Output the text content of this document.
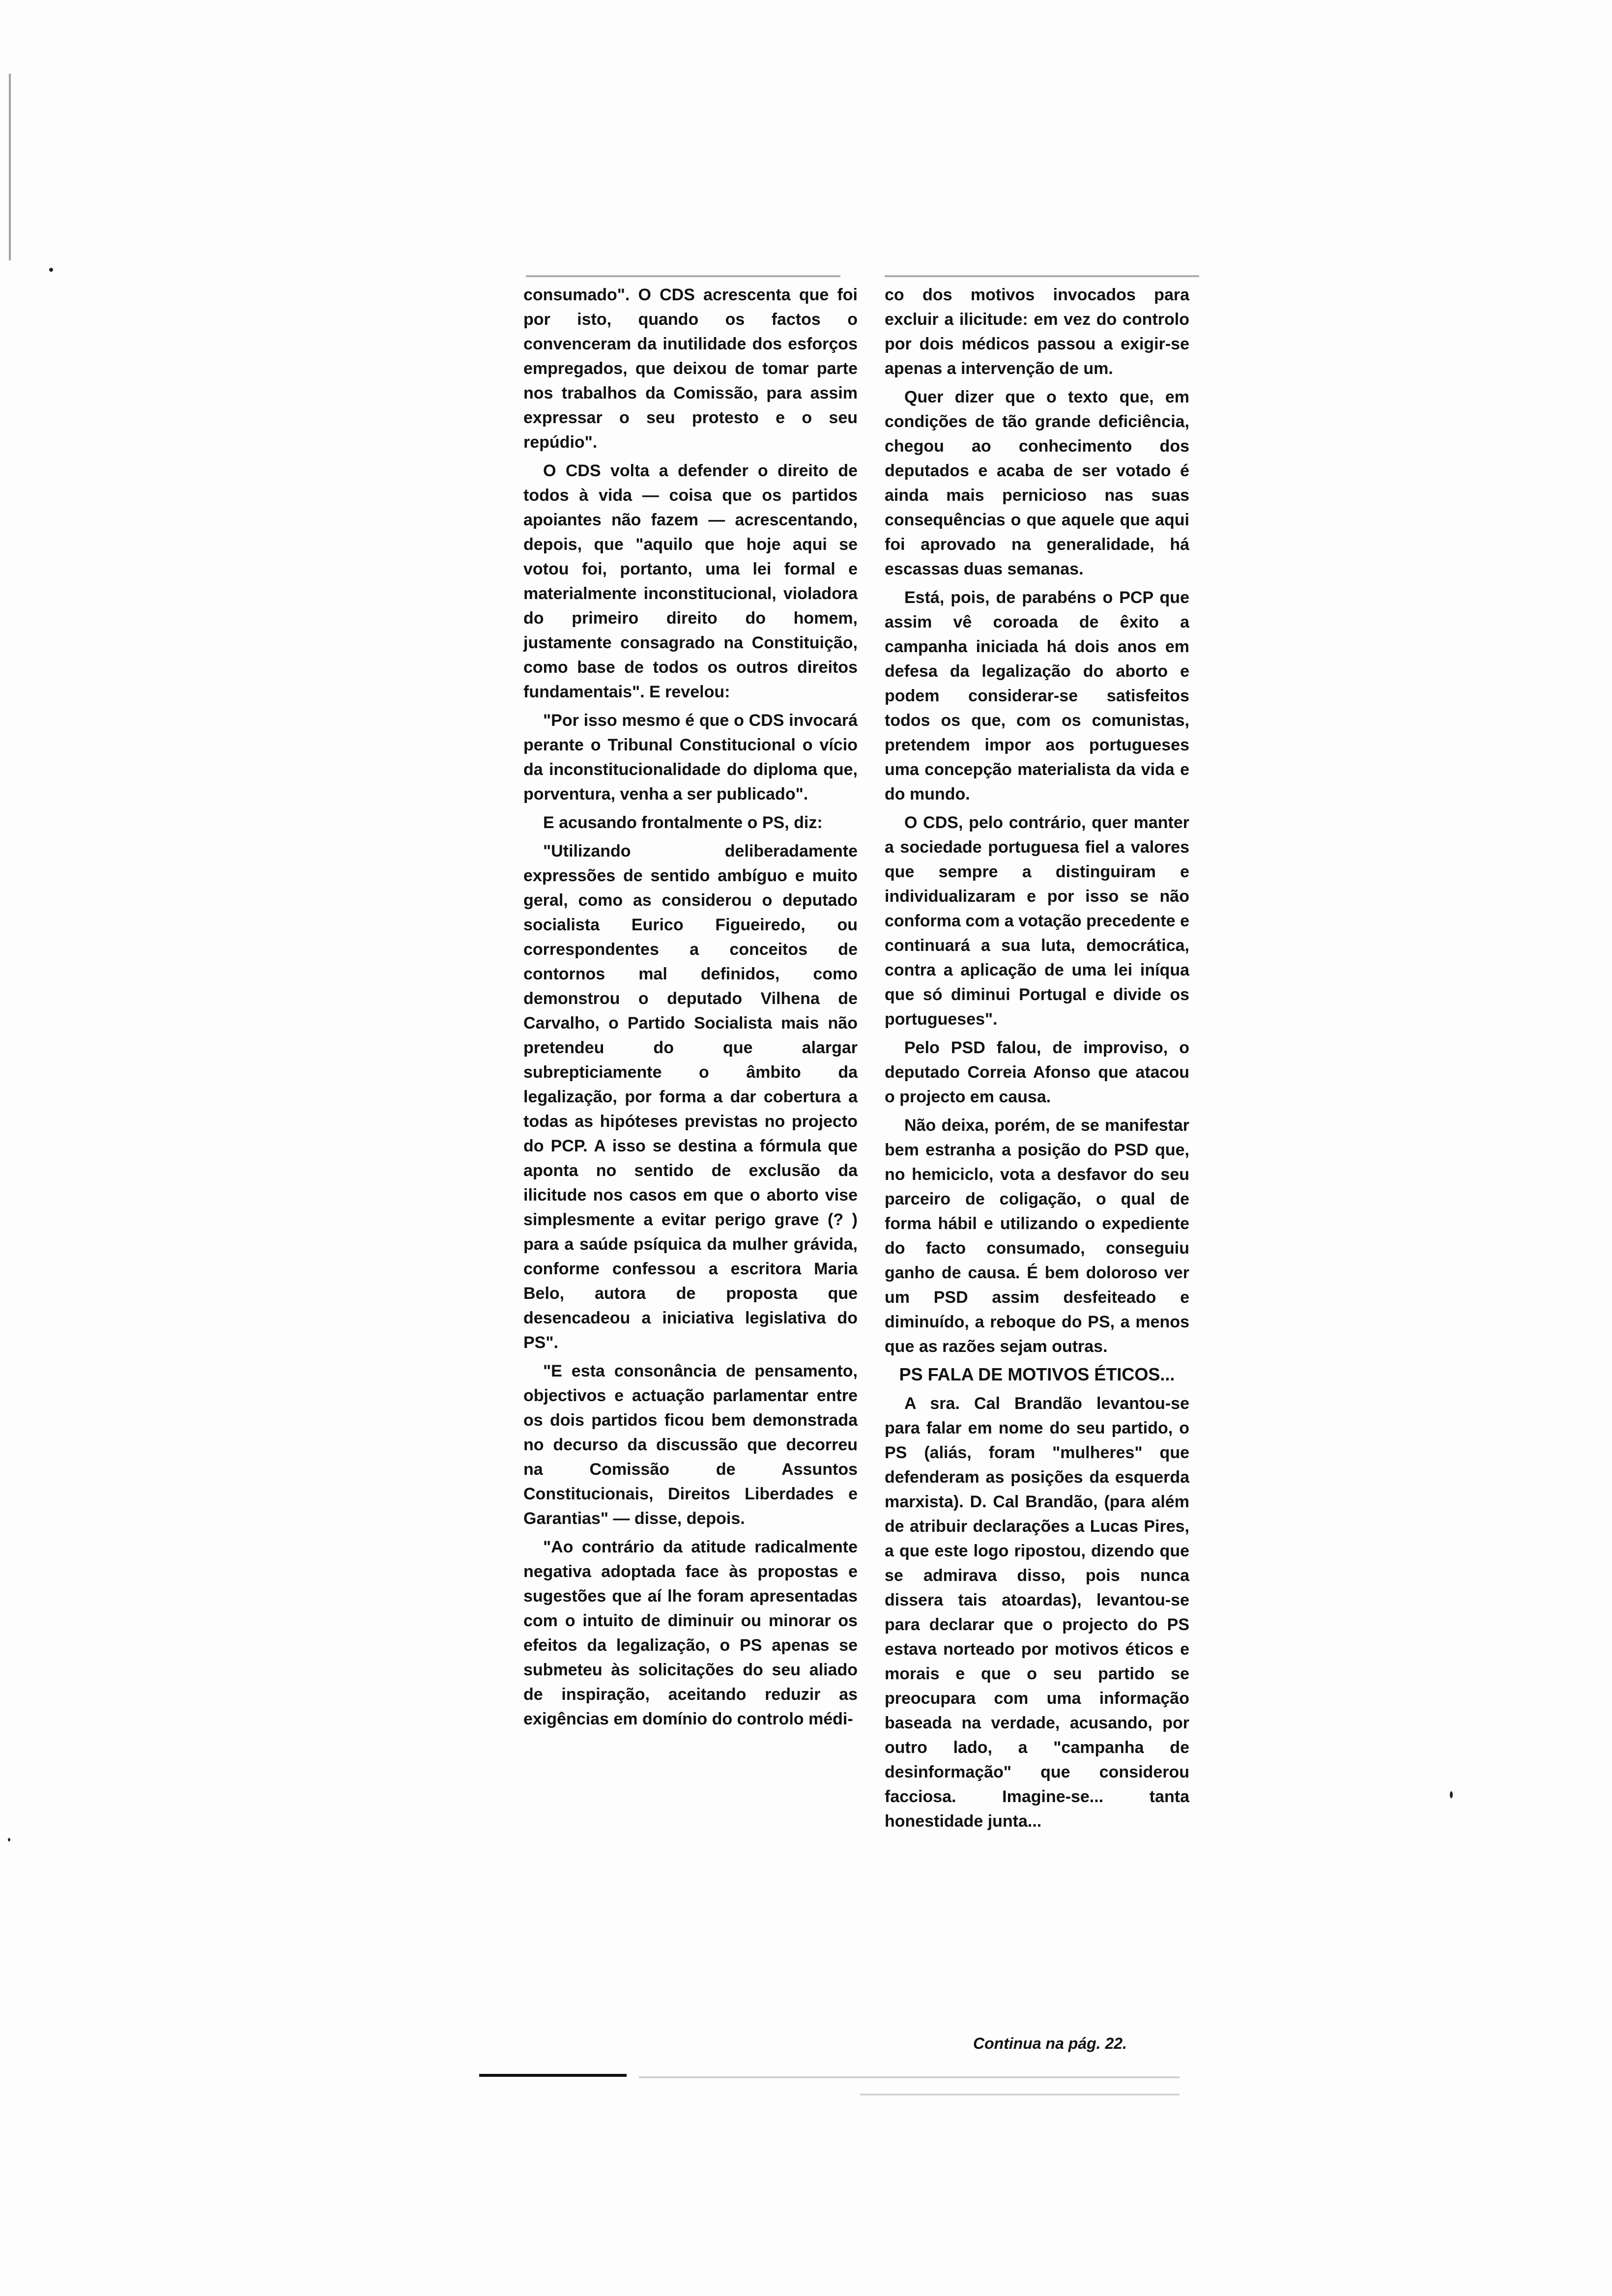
consumado". O CDS acrescenta que foi por isto, quando os factos o convenceram da inutilidade dos esforços empregados, que deixou de tomar parte nos trabalhos da Comissão, para assim expressar o seu protesto e o seu repúdio".

O CDS volta a defender o direito de todos à vida — coisa que os partidos apoiantes não fazem — acrescentando, depois, que "aquilo que hoje aqui se votou foi, portanto, uma lei formal e materialmente inconstitucional, violadora do primeiro direito do homem, justamente consagrado na Constituição, como base de todos os outros direitos fundamentais". E revelou:

"Por isso mesmo é que o CDS invocará perante o Tribunal Constitucional o vício da inconstitucionalidade do diploma que, porventura, venha a ser publicado".

E acusando frontalmente o PS, diz:

"Utilizando deliberadamente expressões de sentido ambíguo e muito geral, como as considerou o deputado socialista Eurico Figueiredo, ou correspondentes a conceitos de contornos mal definidos, como demonstrou o deputado Vilhena de Carvalho, o Partido Socialista mais não pretendeu do que alargar subrepticiamente o âmbito da legalização, por forma a dar cobertura a todas as hipóteses previstas no projecto do PCP. A isso se destina a fórmula que aponta no sentido de exclusão da ilicitude nos casos em que o aborto vise simplesmente a evitar perigo grave (? ) para a saúde psíquica da mulher grávida, conforme confessou a escritora Maria Belo, autora de proposta que desencadeou a iniciativa legislativa do PS".

"E esta consonância de pensamento, objectivos e actuação parlamentar entre os dois partidos ficou bem demonstrada no decurso da discussão que decorreu na Comissão de Assuntos Constitucionais, Direitos Liberdades e Garantias" — disse, depois.

"Ao contrário da atitude radicalmente negativa adoptada face às propostas e sugestões que aí lhe foram apresentadas com o intuito de diminuir ou minorar os efeitos da legalização, o PS apenas se submeteu às solicitações do seu aliado de inspiração, aceitando reduzir as exigências em domínio do controlo médi-

co dos motivos invocados para excluir a ilicitude: em vez do controlo por dois médicos passou a exigir-se apenas a intervenção de um.

Quer dizer que o texto que, em condições de tão grande deficiência, chegou ao conhecimento dos deputados e acaba de ser votado é ainda mais pernicioso nas suas consequências o que aquele que aqui foi aprovado na generalidade, há escassas duas semanas.

Está, pois, de parabéns o PCP que assim vê coroada de êxito a campanha iniciada há dois anos em defesa da legalização do aborto e podem considerar-se satisfeitos todos os que, com os comunistas, pretendem impor aos portugueses uma concepção materialista da vida e do mundo.

O CDS, pelo contrário, quer manter a sociedade portuguesa fiel a valores que sempre a distinguiram e individualizaram e por isso se não conforma com a votação precedente e continuará a sua luta, democrática, contra a aplicação de uma lei iníqua que só diminui Portugal e divide os portugueses".

Pelo PSD falou, de improviso, o deputado Correia Afonso que atacou o projecto em causa.

Não deixa, porém, de se manifestar bem estranha a posição do PSD que, no hemiciclo, vota a desfavor do seu parceiro de coligação, o qual de forma hábil e utilizando o expediente do facto consumado, conseguiu ganho de causa. É bem doloroso ver um PSD assim desfeiteado e diminuído, a reboque do PS, a menos que as razões sejam outras.

PS FALA DE MOTIVOS ÉTICOS...

A sra. Cal Brandão levantou-se para falar em nome do seu partido, o PS (aliás, foram "mulheres" que defenderam as posições da esquerda marxista). D. Cal Brandão, (para além de atribuir declarações a Lucas Pires, a que este logo ripostou, dizendo que se admirava disso, pois nunca dissera tais atoardas), levantou-se para declarar que o projecto do PS estava norteado por motivos éticos e morais e que o seu partido se preocupara com uma informação baseada na verdade, acusando, por outro lado, a "campanha de desinformação" que considerou facciosa. Imagine-se... tanta honestidade junta...

Continua na pág. 22.
